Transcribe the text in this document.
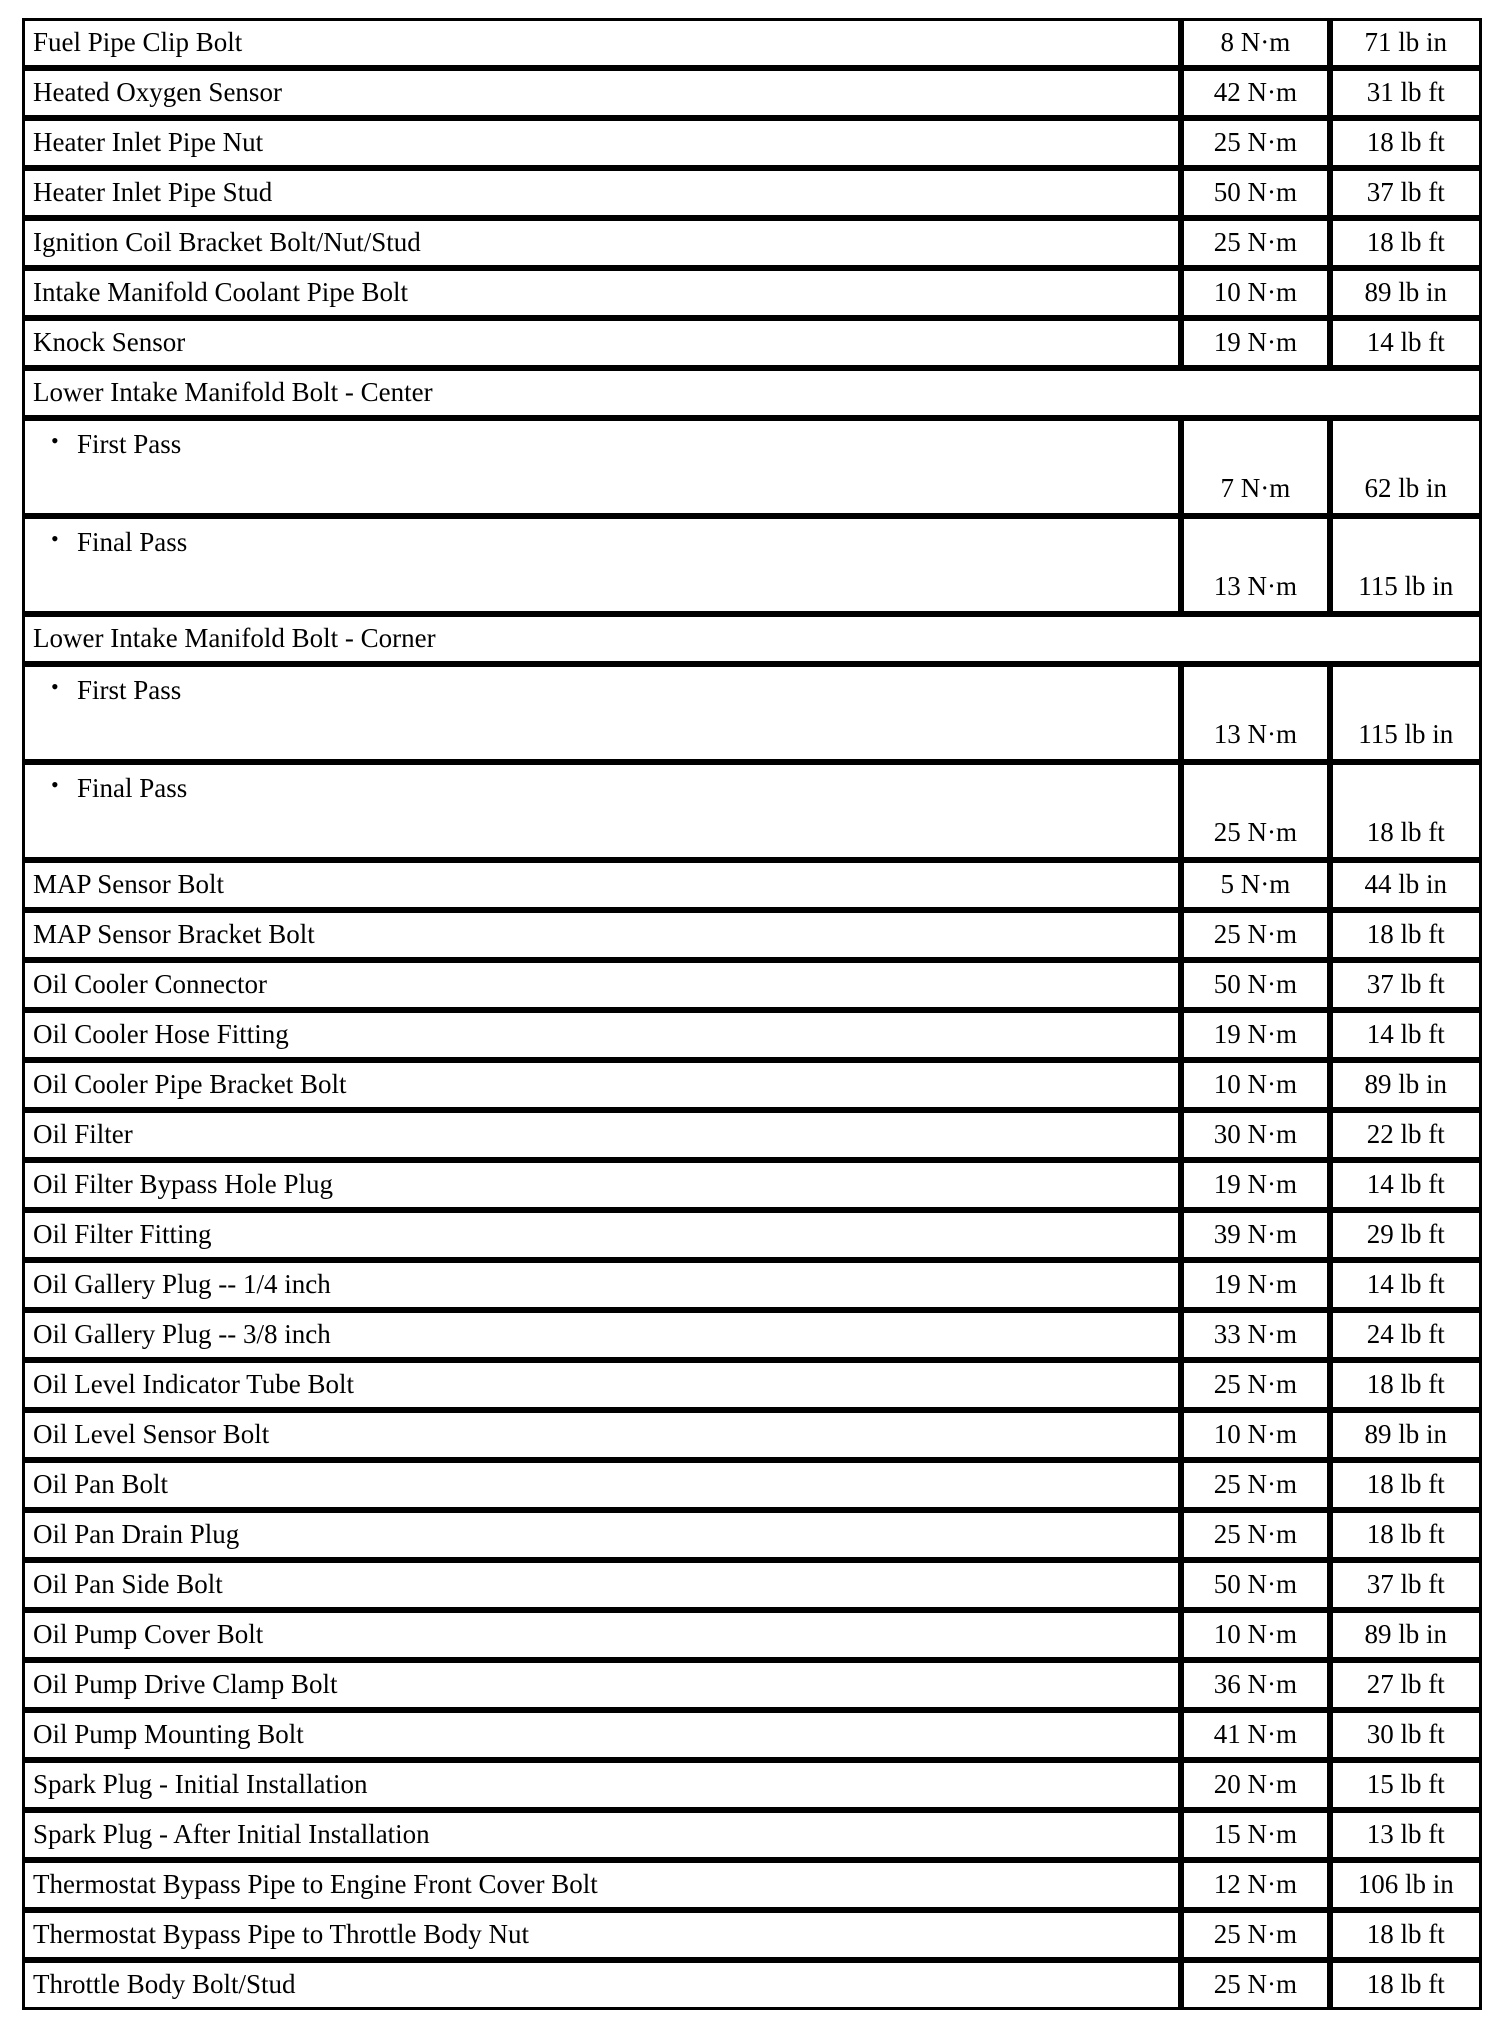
Fuel Pipe Clip Bolt	8 N·m	71 lb in
Heated Oxygen Sensor	42 N·m	31 lb ft
Heater Inlet Pipe Nut	25 N·m	18 lb ft
Heater Inlet Pipe Stud	50 N·m	37 lb ft
Ignition Coil Bracket Bolt/Nut/Stud	25 N·m	18 lb ft
Intake Manifold Coolant Pipe Bolt	10 N·m	89 lb in
Knock Sensor	19 N·m	14 lb ft
Lower Intake Manifold Bolt - Center		

• First Pass	7 N·m	62 lb in

• Final Pass	13 N·m	115 lb in
Lower Intake Manifold Bolt - Corner		

• First Pass	13 N·m	115 lb in

• Final Pass	25 N·m	18 lb ft
MAP Sensor Bolt	5 N·m	44 lb in
MAP Sensor Bracket Bolt	25 N·m	18 lb ft
Oil Cooler Connector	50 N·m	37 lb ft
Oil Cooler Hose Fitting	19 N·m	14 lb ft
Oil Cooler Pipe Bracket Bolt	10 N·m	89 lb in
Oil Filter	30 N·m	22 lb ft
Oil Filter Bypass Hole Plug	19 N·m	14 lb ft
Oil Filter Fitting	39 N·m	29 lb ft
Oil Gallery Plug -- 1/4 inch	19 N·m	14 lb ft
Oil Gallery Plug -- 3/8 inch	33 N·m	24 lb ft
Oil Level Indicator Tube Bolt	25 N·m	18 lb ft
Oil Level Sensor Bolt	10 N·m	89 lb in
Oil Pan Bolt	25 N·m	18 lb ft
Oil Pan Drain Plug	25 N·m	18 lb ft
Oil Pan Side Bolt	50 N·m	37 lb ft
Oil Pump Cover Bolt	10 N·m	89 lb in
Oil Pump Drive Clamp Bolt	36 N·m	27 lb ft
Oil Pump Mounting Bolt	41 N·m	30 lb ft
Spark Plug - Initial Installation	20 N·m	15 lb ft
Spark Plug - After Initial Installation	15 N·m	13 lb ft
Thermostat Bypass Pipe to Engine Front Cover Bolt	12 N·m	106 lb in
Thermostat Bypass Pipe to Throttle Body Nut	25 N·m	18 lb ft
Throttle Body Bolt/Stud	25 N·m	18 lb ft
